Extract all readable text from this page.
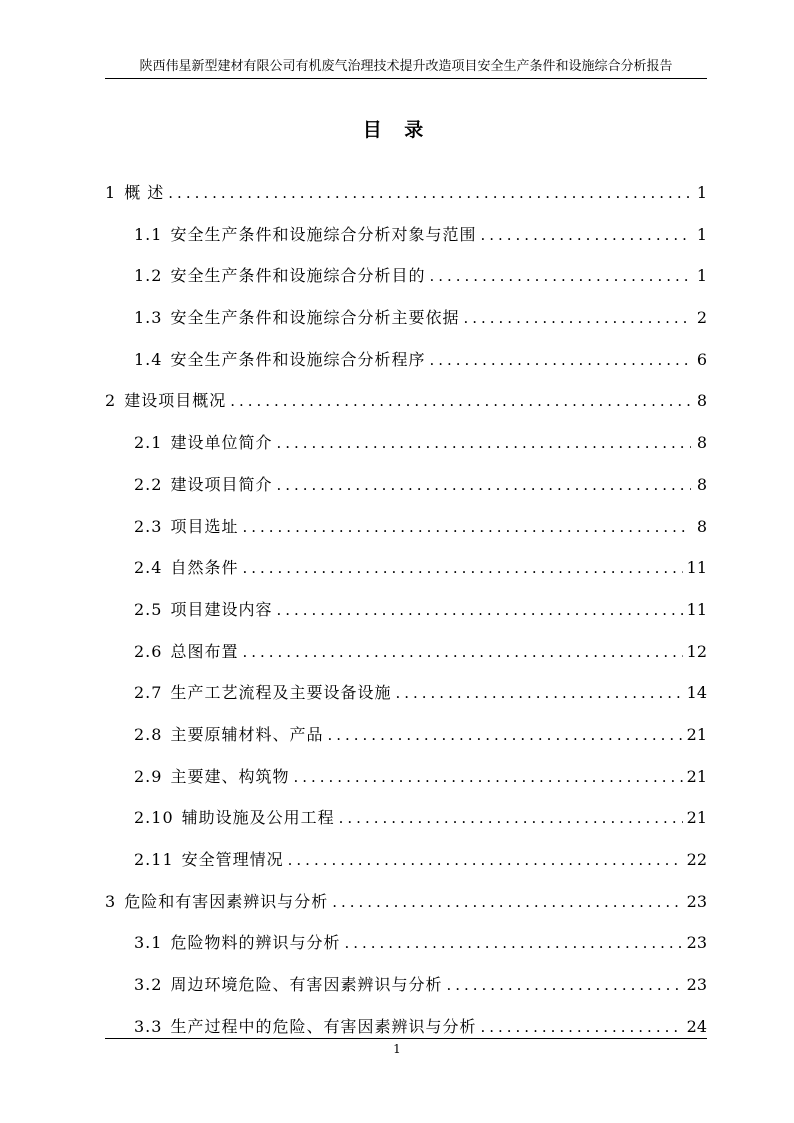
陕西伟星新型建材有限公司有机废气治理技术提升改造项目安全生产条件和设施综合分析报告
目 录
1 概 述 .....	1
1.1 安全生产条件和设施综合分析对象与范围 .....	1
1.2 安全生产条件和设施综合分析目的 .....	1
1.3 安全生产条件和设施综合分析主要依据 .....	2
1.4 安全生产条件和设施综合分析程序 .....	6
2 建设项目概况 .....	8
2.1 建设单位简介 .....	8
2.2 建设项目简介 .....	8
2.3 项目选址 .....	8
2.4 自然条件 .....	11
2.5 项目建设内容 .....	11
2.6 总图布置 .....	12
2.7 生产工艺流程及主要设备设施 .....	14
2.8 主要原辅材料、产品 .....	21
2.9 主要建、构筑物 .....	21
2.10 辅助设施及公用工程 .....	21
2.11 安全管理情况 .....	22
3 危险和有害因素辨识与分析 .....	23
3.1 危险物料的辨识与分析 .....	23
3.2 周边环境危险、有害因素辨识与分析 .....	23
3.3 生产过程中的危险、有害因素辨识与分析 .....	24
1
